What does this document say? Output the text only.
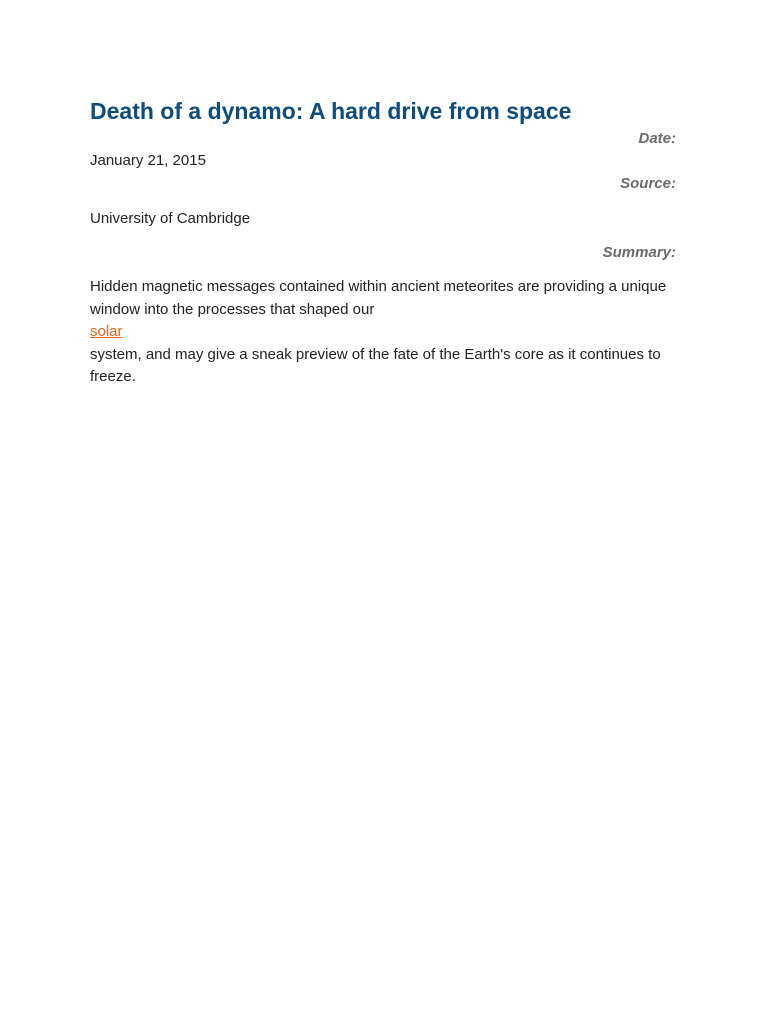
Death of a dynamo: A hard drive from space
Date:
January 21, 2015
Source:
University of Cambridge
Summary:
Hidden magnetic messages contained within ancient meteorites are providing a unique window into the processes that shaped our
solar
system, and may give a sneak preview of the fate of the Earth's core as it continues to freeze.
